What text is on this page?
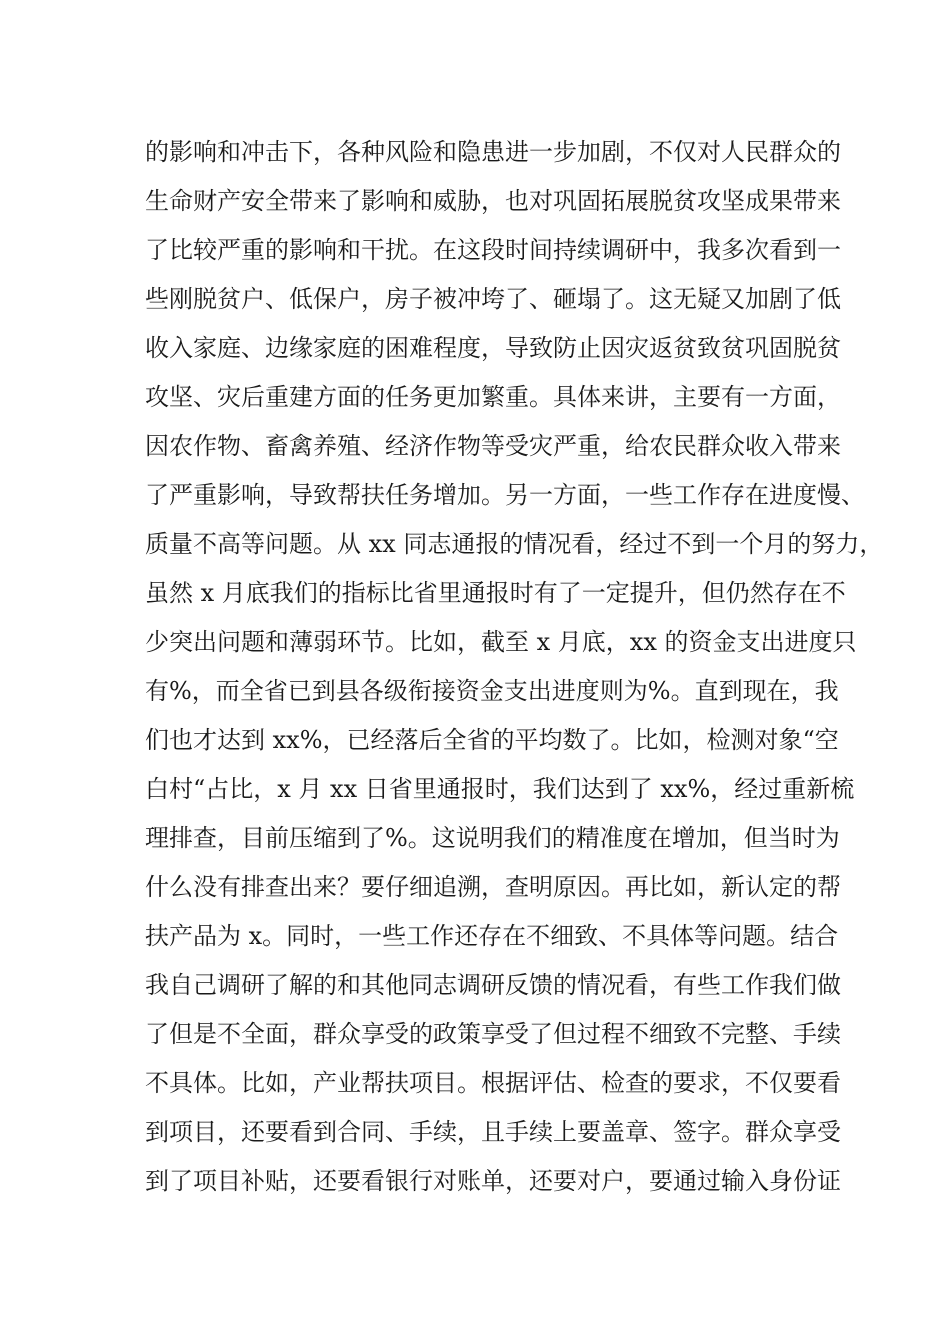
的影响和冲击下，各种风险和隐患进一步加剧，不仅对人民群众的
生命财产安全带来了影响和威胁，也对巩固拓展脱贫攻坚成果带来
了比较严重的影响和干扰。在这段时间持续调研中，我多次看到一
些刚脱贫户、低保户，房子被冲垮了、砸塌了。这无疑又加剧了低
收入家庭、边缘家庭的困难程度，导致防止因灾返贫致贫巩固脱贫
攻坚、灾后重建方面的任务更加繁重。具体来讲，主要有一方面，
因农作物、畜禽养殖、经济作物等受灾严重，给农民群众收入带来
了严重影响，导致帮扶任务增加。另一方面，一些工作存在进度慢、
质量不高等问题。从 xx 同志通报的情况看，经过不到一个月的努力，
虽然 x 月底我们的指标比省里通报时有了一定提升，但仍然存在不
少突出问题和薄弱环节。比如，截至 x 月底，xx 的资金支出进度只
有%，而全省已到县各级衔接资金支出进度则为%。直到现在，我
们也才达到 xx%，已经落后全省的平均数了。比如，检测对象“空
白村“占比，x 月 xx 日省里通报时，我们达到了 xx%，经过重新梳
理排查，目前压缩到了%。这说明我们的精准度在增加，但当时为
什么没有排查出来？要仔细追溯，查明原因。再比如，新认定的帮
扶产品为 x。同时，一些工作还存在不细致、不具体等问题。结合
我自己调研了解的和其他同志调研反馈的情况看，有些工作我们做
了但是不全面，群众享受的政策享受了但过程不细致不完整、手续
不具体。比如，产业帮扶项目。根据评估、检查的要求，不仅要看
到项目，还要看到合同、手续，且手续上要盖章、签字。群众享受
到了项目补贴，还要看银行对账单，还要对户，要通过输入身份证
